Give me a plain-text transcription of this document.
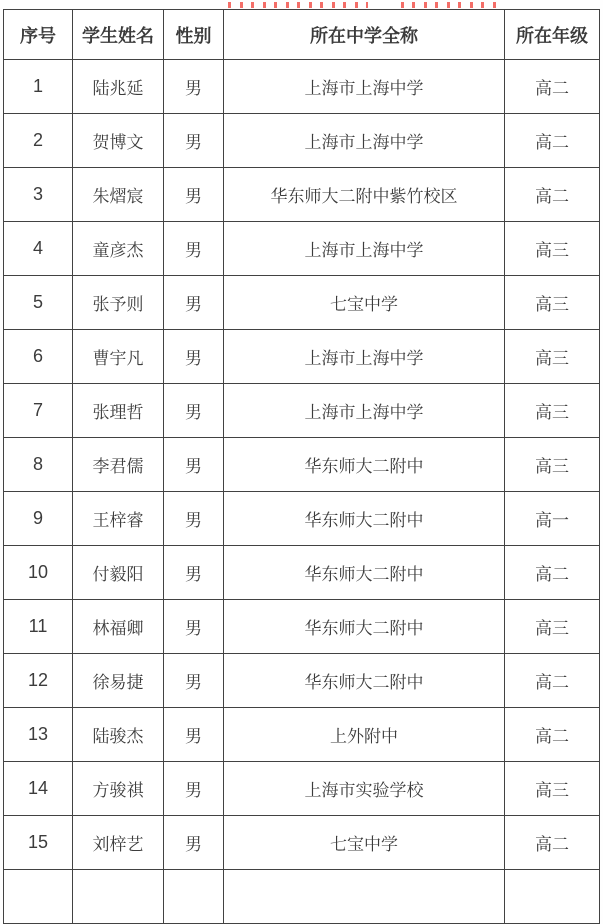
序号	学生姓名	性别	所在中学全称	所在年级
1	陆兆延	男	上海市上海中学	高二
2	贺博文	男	上海市上海中学	高二
3	朱熠宸	男	华东师大二附中紫竹校区	高二
4	童彦杰	男	上海市上海中学	高三
5	张予则	男	七宝中学	高三
6	曹宇凡	男	上海市上海中学	高三
7	张理哲	男	上海市上海中学	高三
8	李君儒	男	华东师大二附中	高三
9	王梓睿	男	华东师大二附中	高一
10	付毅阳	男	华东师大二附中	高二
11	林福卿	男	华东师大二附中	高三
12	徐易捷	男	华东师大二附中	高二
13	陆骏杰	男	上外附中	高二
14	方骏祺	男	上海市实验学校	高三
15	刘梓艺	男	七宝中学	高二
